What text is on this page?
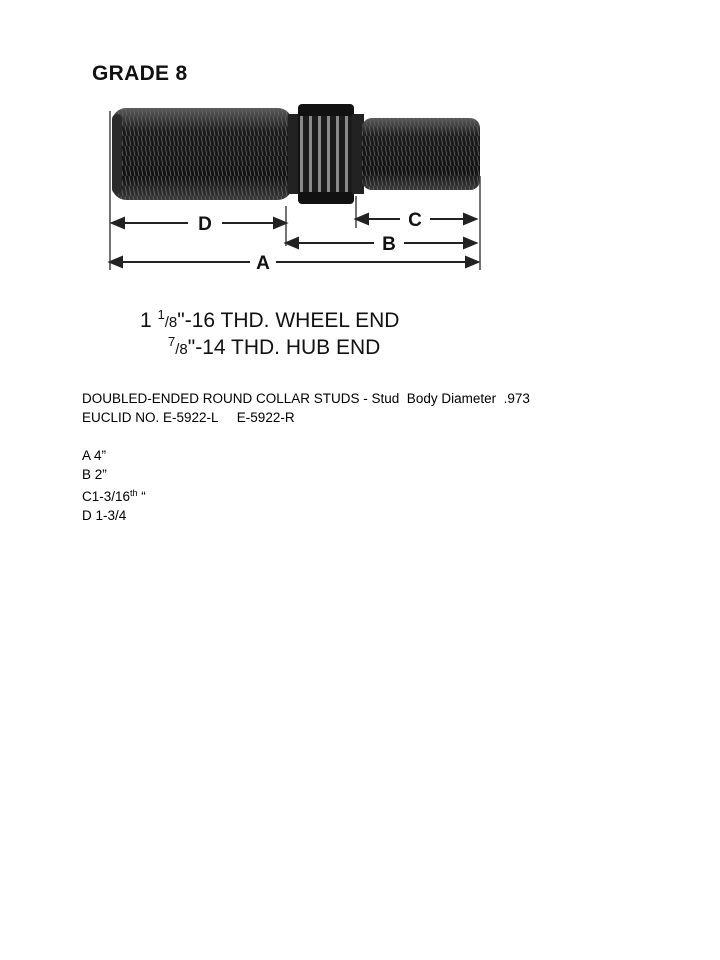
GRADE 8
D	C
B
A
1 $^1$/8"-16 THD. WHEEL END
$^7$/8"-14 THD. HUB END
DOUBLED-ENDED ROUND COLLAR STUDS - Stud  Body Diameter  .973
EUCLID NO. E-5922-L     E-5922-R
A 4”
B 2”
C1-3/16th “
D 1-3/4
